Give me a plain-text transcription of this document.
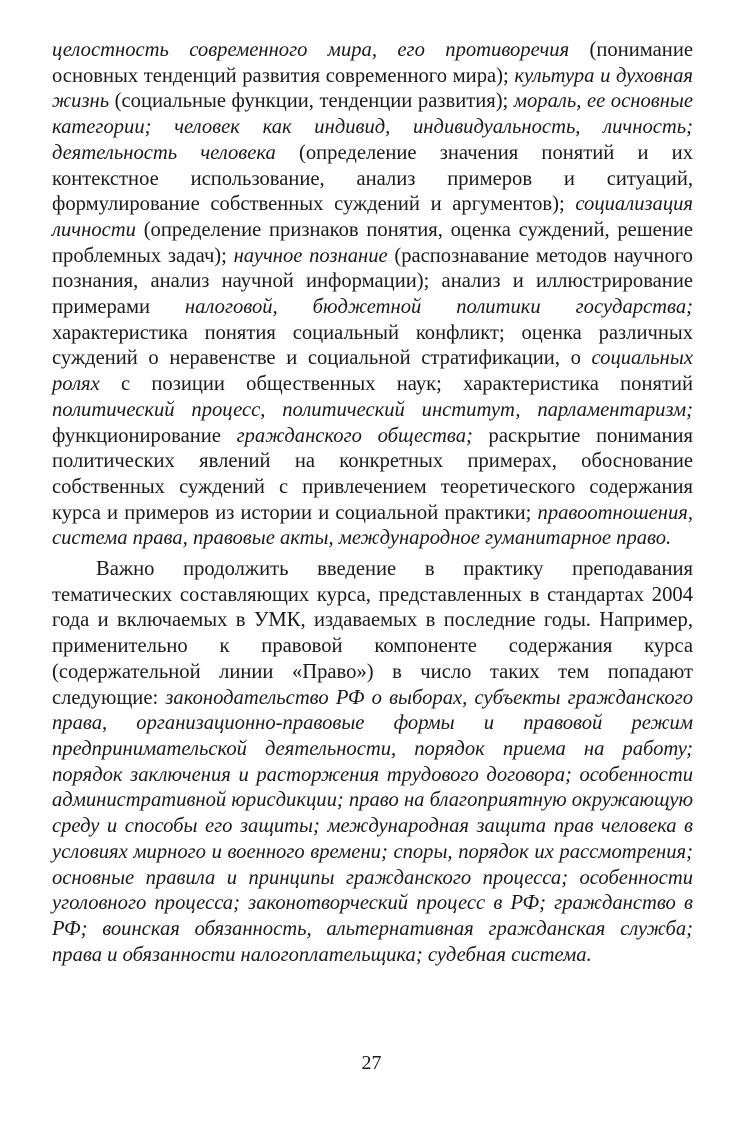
целостность современного мира, его противоречия (понимание основных тенденций развития современного мира); культура и духовная жизнь (социальные функции, тенденции развития); мораль, ее основные категории; человек как индивид, индивидуальность, личность; деятельность человека (определение значения понятий и их контекстное использование, анализ примеров и ситуаций, формулирование собственных суждений и аргументов); социализация личности (определение признаков понятия, оценка суждений, решение проблемных задач); научное познание (распознавание методов научного познания, анализ научной информации); анализ и иллюстрирование примерами налоговой, бюджетной политики государства; характеристика понятия социальный конфликт; оценка различных суждений о неравенстве и социальной стратификации, о социальных ролях с позиции общественных наук; характеристика понятий политический процесс, политический институт, парламентаризм; функционирование гражданского общества; раскрытие понимания политических явлений на конкретных примерах, обоснование собственных суждений с привлечением теоретического содержания курса и примеров из истории и социальной практики; правоотношения, система права, правовые акты, международное гуманитарное право.

Важно продолжить введение в практику преподавания тематических составляющих курса, представленных в стандартах 2004 года и включаемых в УМК, издаваемых в последние годы. Например, применительно к правовой компоненте содержания курса (содержательной линии «Право») в число таких тем попадают следующие: законодательство РФ о выборах, субъекты гражданского права, организационно-правовые формы и правовой режим предпринимательской деятельности, порядок приема на работу; порядок заключения и расторжения трудового договора; особенности административной юрисдикции; право на благоприятную окружающую среду и способы его защиты; международная защита прав человека в условиях мирного и военного времени; споры, порядок их рассмотрения; основные правила и принципы гражданского процесса; особенности уголовного процесса; законотворческий процесс в РФ; гражданство в РФ; воинская обязанность, альтернативная гражданская служба; права и обязанности налогоплательщика; судебная система.

27
